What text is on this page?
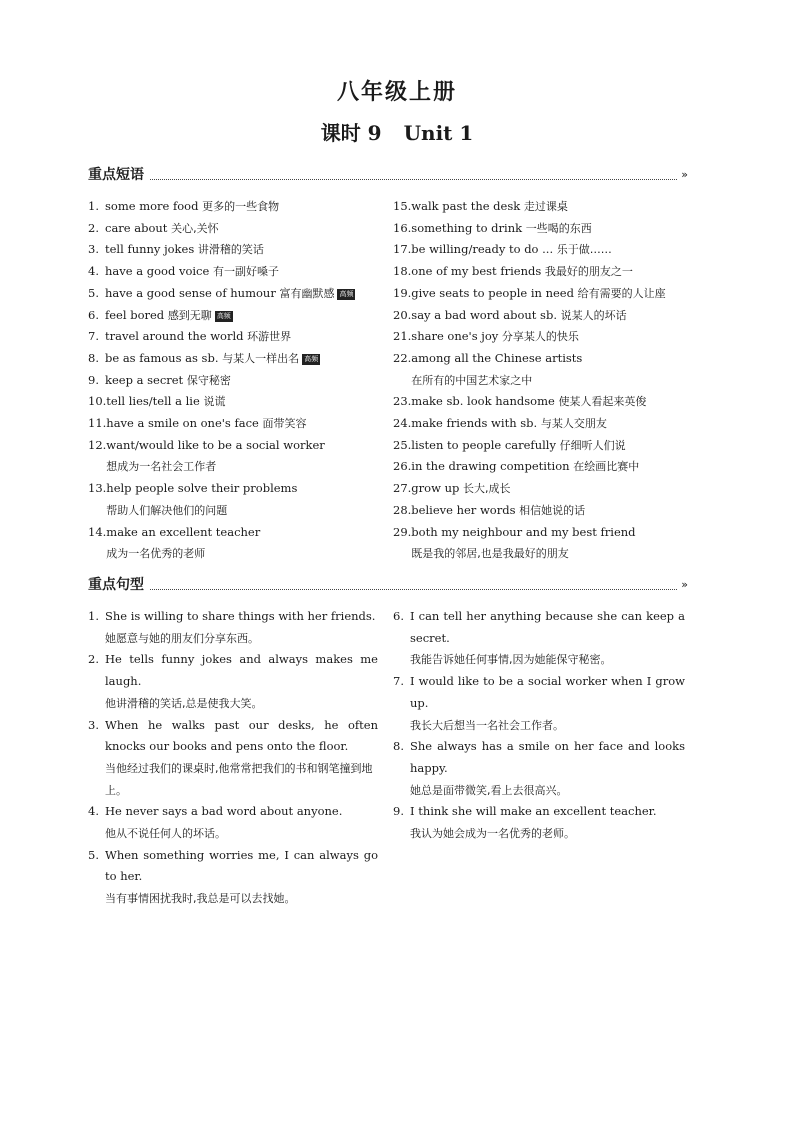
八年级上册
课时 9 Unit 1
重点短语	»
1. some more food 更多的一些食物
2. care about 关心,关怀
3. tell funny jokes 讲滑稽的笑话
4. have a good voice 有一副好嗓子
5. have a good sense of humour 富有幽默感 高频
6. feel bored 感到无聊 高频
7. travel around the world 环游世界
8. be as famous as sb. 与某人一样出名 高频
9. keep a secret 保守秘密
10. tell lies/tell a lie 说谎
11. have a smile on one's face 面带笑容
12. want/would like to be a social worker
想成为一名社会工作者
13. help people solve their problems
帮助人们解决他们的问题
14. make an excellent teacher
成为一名优秀的老师
15. walk past the desk 走过课桌
16. something to drink 一些喝的东西
17. be willing/ready to do ... 乐于做……
18. one of my best friends 我最好的朋友之一
19. give seats to people in need 给有需要的人让座
20. say a bad word about sb. 说某人的坏话
21. share one's joy 分享某人的快乐
22. among all the Chinese artists
在所有的中国艺术家之中
23. make sb. look handsome 使某人看起来英俊
24. make friends with sb. 与某人交朋友
25. listen to people carefully 仔细听人们说
26. in the drawing competition 在绘画比赛中
27. grow up 长大,成长
28. believe her words 相信她说的话
29. both my neighbour and my best friend
既是我的邻居,也是我最好的朋友
重点句型	»
1. She is willing to share things with her friends.
她愿意与她的朋友们分享东西。
2. He tells funny jokes and always makes me laugh.
他讲滑稽的笑话,总是使我大笑。
3. When he walks past our desks, he often knocks our books and pens onto the floor.
当他经过我们的课桌时,他常常把我们的书和钢笔撞到地上。
4. He never says a bad word about anyone.
他从不说任何人的坏话。
5. When something worries me, I can always go to her.
当有事情困扰我时,我总是可以去找她。
6. I can tell her anything because she can keep a secret.
我能告诉她任何事情,因为她能保守秘密。
7. I would like to be a social worker when I grow up.
我长大后想当一名社会工作者。
8. She always has a smile on her face and looks happy.
她总是面带微笑,看上去很高兴。
9. I think she will make an excellent teacher.
我认为她会成为一名优秀的老师。
